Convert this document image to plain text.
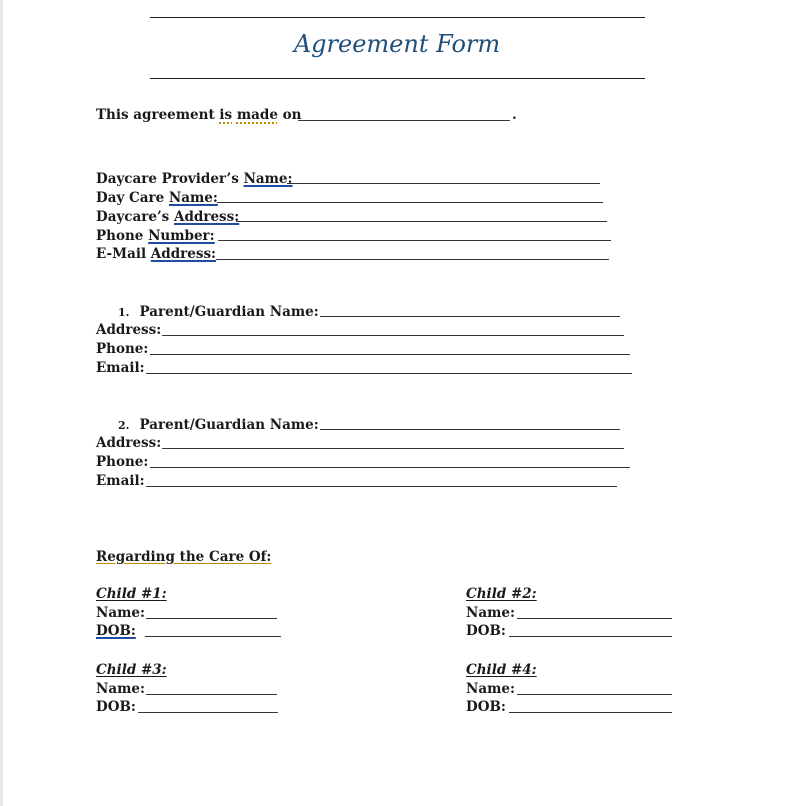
Agreement Form
This agreement is made on	.
Daycare Provider’s Name:
Day Care Name:
Daycare’s Address:
Phone Number:
E-Mail Address:
1. Parent/Guardian Name:
Address:
Phone:
Email:
2. Parent/Guardian Name:
Address:
Phone:
Email:
Regarding the Care Of:
Child #1:
Name:
DOB:
Child #2:
Name:
DOB:
Child #3:
Name:
DOB:
Child #4:
Name:
DOB:
